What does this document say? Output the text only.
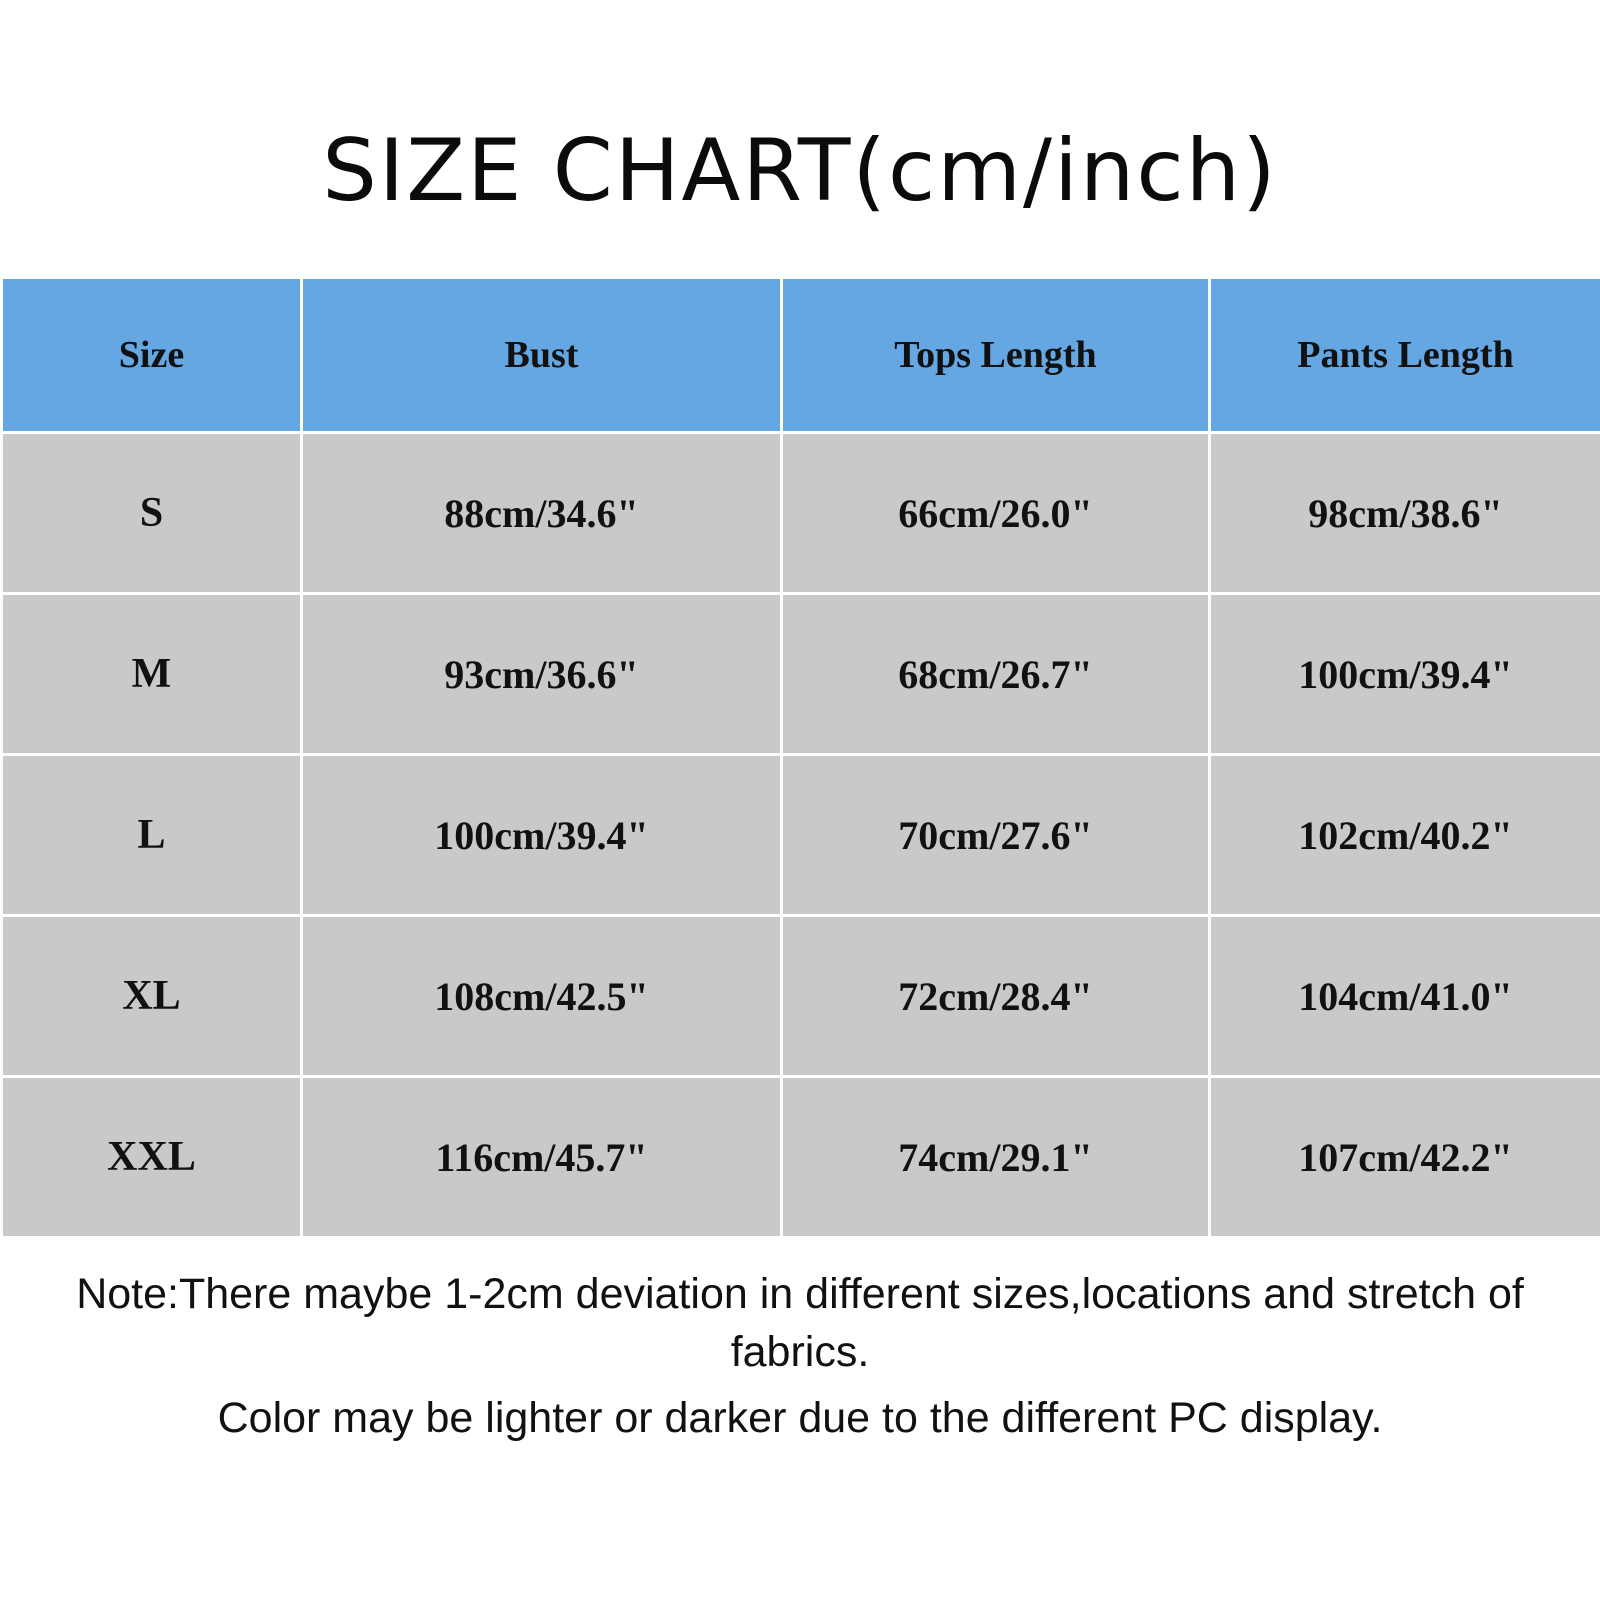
SIZE CHART(cm/inch)
Size	Bust	Tops Length	Pants Length
S	88cm/34.6"	66cm/26.0"	98cm/38.6"
M	93cm/36.6"	68cm/26.7"	100cm/39.4"
L	100cm/39.4"	70cm/27.6"	102cm/40.2"
XL	108cm/42.5"	72cm/28.4"	104cm/41.0"
XXL	116cm/45.7"	74cm/29.1"	107cm/42.2"
Note:There maybe 1-2cm deviation in different sizes,locations and stretch of fabrics.
Color may be lighter or darker due to the different PC display.
